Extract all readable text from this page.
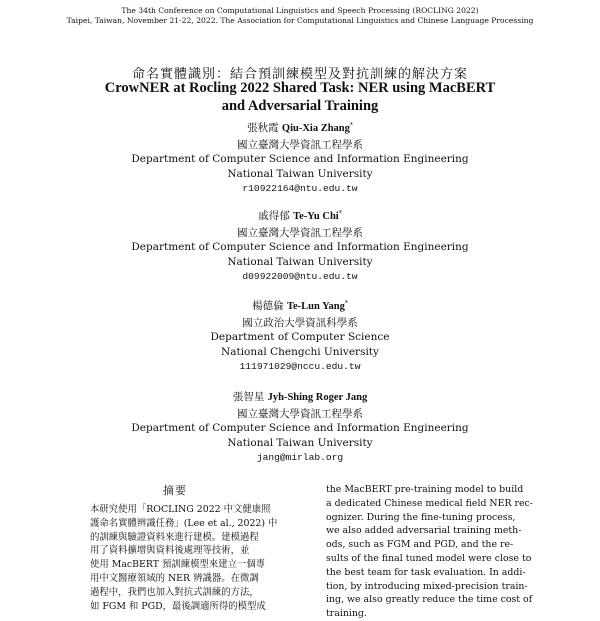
The 34th Conference on Computational Linguistics and Speech Processing (ROCLING 2022)
Taipei, Taiwan, November 21-22, 2022. The Association for Computational Linguistics and Chinese Language Processing
命名實體識別：結合預訓練模型及對抗訓練的解決方案
CrowNER at Rocling 2022 Shared Task: NER using MacBERT
and Adversarial Training
張秋霞 Qiu-Xia Zhang*
國立臺灣大學資訊工程學系
Department of Computer Science and Information Engineering
National Taiwan University
r10922164@ntu.edu.tw
戚得郁 Te-Yu Chi*
國立臺灣大學資訊工程學系
Department of Computer Science and Information Engineering
National Taiwan University
d09922009@ntu.edu.tw
楊德倫 Te-Lun Yang*
國立政治大學資訊科學系
Department of Computer Science
National Chengchi University
111971029@nccu.edu.tw
張智星 Jyh-Shing Roger Jang
國立臺灣大學資訊工程學系
Department of Computer Science and Information Engineering
National Taiwan University
jang@mirlab.org
摘要
本研究使用「ROCLING 2022 中文健康照
護命名實體辨識任務」(Lee et al., 2022) 中
的訓練與驗證資料來進行建模。建模過程
用了資料擴增與資料後處理等技術，並
使用 MacBERT 預訓練模型來建立一個專
用中文醫療領域的 NER 辨識器。在微調
過程中，我們也加入對抗式訓練的方法，
如 FGM 和 PGD，最後調適所得的模型成
the MacBERT pre-training model to build
a dedicated Chinese medical field NER rec-
ognizer. During the fine-tuning process,
we also added adversarial training meth-
ods, such as FGM and PGD, and the re-
sults of the final tuned model were close to
the best team for task evaluation. In addi-
tion, by introducing mixed-precision train-
ing, we also greatly reduce the time cost of
training.
